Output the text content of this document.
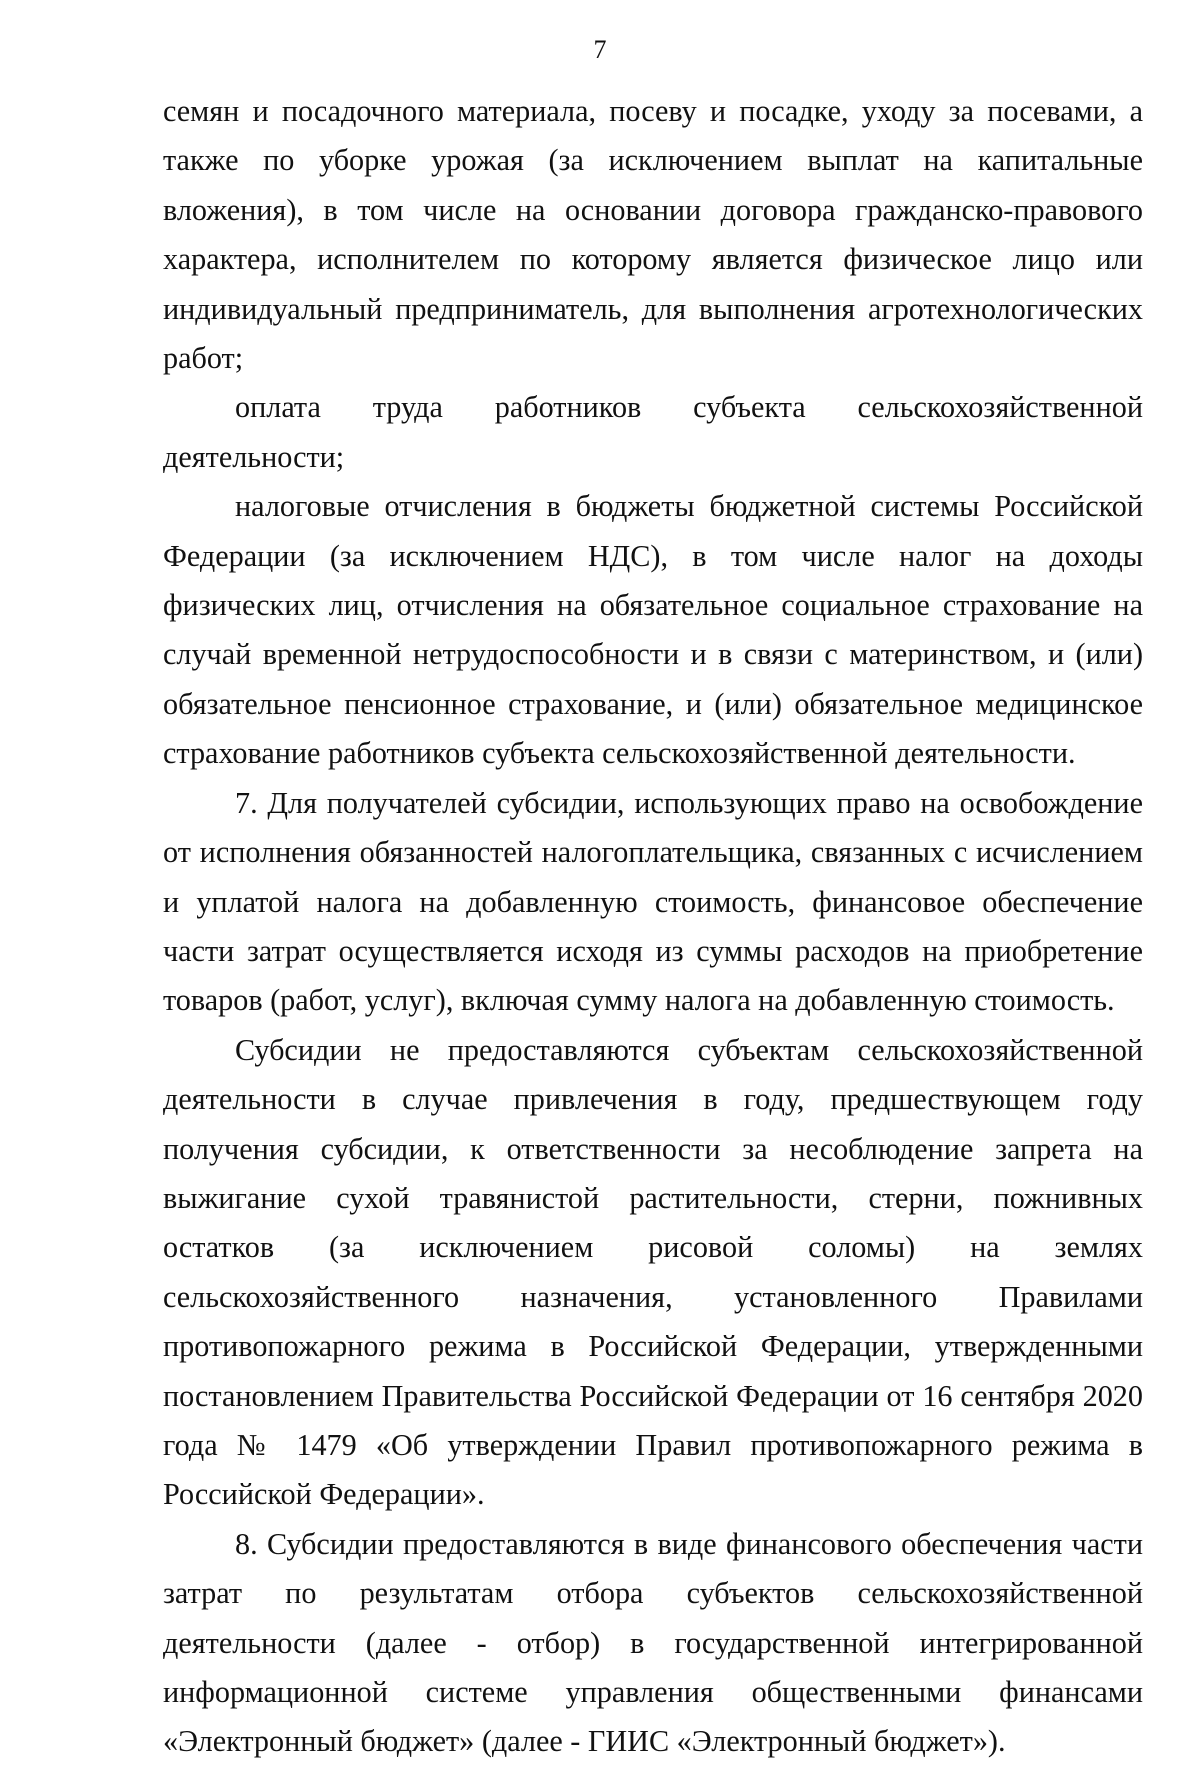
7

семян и посадочного материала, посеву и посадке, уходу за посевами, а также по уборке урожая (за исключением выплат на капитальные вложения), в том числе на основании договора гражданско-правового характера, исполнителем по которому является физическое лицо или индивидуальный предприниматель, для выполнения агротехнологических работ;

оплата труда работников субъекта сельскохозяйственной деятельности;

налоговые отчисления в бюджеты бюджетной системы Российской Федерации (за исключением НДС), в том числе налог на доходы физических лиц, отчисления на обязательное социальное страхование на случай временной нетрудоспособности и в связи с материнством, и (или) обязательное пенсионное страхование, и (или) обязательное медицинское страхование работников субъекта сельскохозяйственной деятельности.

7. Для получателей субсидии, использующих право на освобождение от исполнения обязанностей налогоплательщика, связанных с исчислением и уплатой налога на добавленную стоимость, финансовое обеспечение части затрат осуществляется исходя из суммы расходов на приобретение товаров (работ, услуг), включая сумму налога на добавленную стоимость.

Субсидии не предоставляются субъектам сельскохозяйственной деятельности в случае привлечения в году, предшествующем году получения субсидии, к ответственности за несоблюдение запрета на выжигание сухой травянистой растительности, стерни, пожнивных остатков (за исключением рисовой соломы) на землях сельскохозяйственного назначения, установленного Правилами противопожарного режима в Российской Федерации, утвержденными постановлением Правительства Российской Федерации от 16 сентября 2020 года № 1479 «Об утверждении Правил противопожарного режима в Российской Федерации».

8. Субсидии предоставляются в виде финансового обеспечения части затрат по результатам отбора субъектов сельскохозяйственной деятельности (далее - отбор) в государственной интегрированной информационной системе управления общественными финансами «Электронный бюджет» (далее - ГИИС «Электронный бюджет»).
